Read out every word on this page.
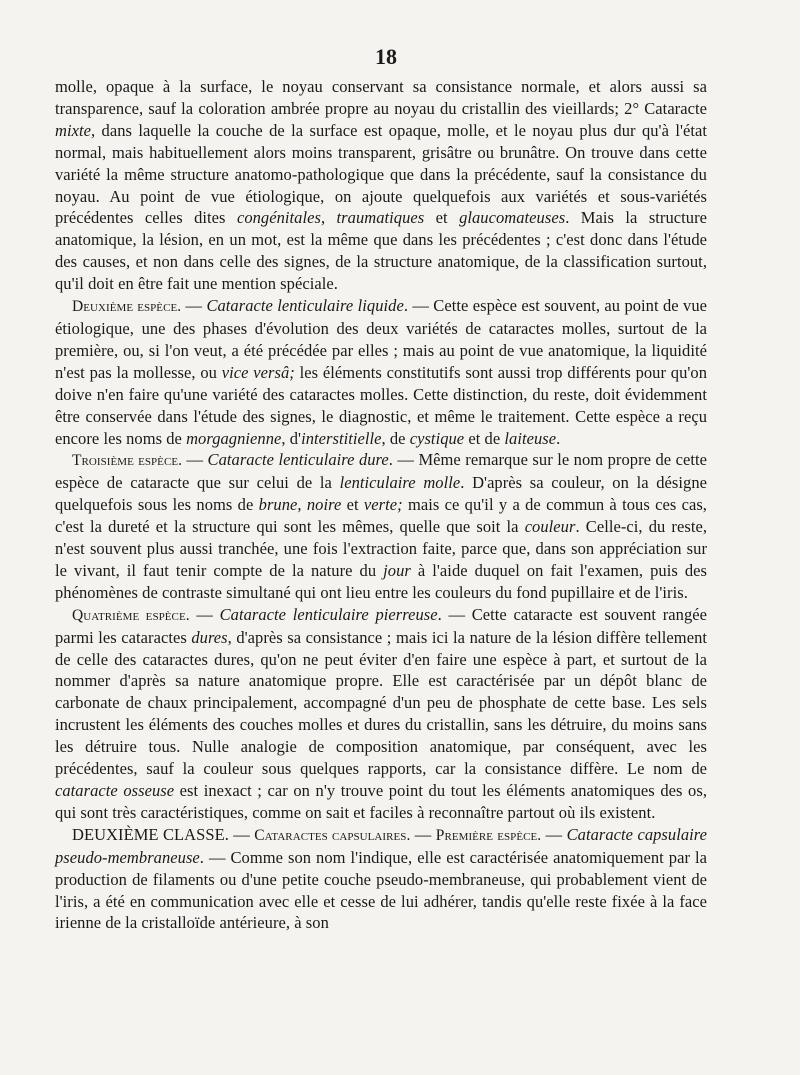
18

molle, opaque à la surface, le noyau conservant sa consistance normale, et alors aussi sa transparence, sauf la coloration ambrée propre au noyau du cristallin des vieillards; 2° Cataracte mixte, dans laquelle la couche de la surface est opaque, molle, et le noyau plus dur qu'à l'état normal, mais habituellement alors moins transparent, grisâtre ou brunâtre. On trouve dans cette variété la même structure anatomo-pathologique que dans la précédente, sauf la consistance du noyau. Au point de vue étiologique, on ajoute quelquefois aux variétés et sous-variétés précédentes celles dites congénitales, traumatiques et glaucomateuses. Mais la structure anatomique, la lésion, en un mot, est la même que dans les précédentes ; c'est donc dans l'étude des causes, et non dans celle des signes, de la structure anatomique, de la classification surtout, qu'il doit en être fait une mention spéciale.

Deuxième espèce. — Cataracte lenticulaire liquide. — Cette espèce est souvent, au point de vue étiologique, une des phases d'évolution des deux variétés de cataractes molles, surtout de la première, ou, si l'on veut, a été précédée par elles ; mais au point de vue anatomique, la liquidité n'est pas la mollesse, ou vice versâ; les éléments constitutifs sont aussi trop différents pour qu'on doive n'en faire qu'une variété des cataractes molles. Cette distinction, du reste, doit évidemment être conservée dans l'étude des signes, le diagnostic, et même le traitement. Cette espèce a reçu encore les noms de morgagnienne, d'interstitielle, de cystique et de laiteuse.

Troisième espèce. — Cataracte lenticulaire dure. — Même remarque sur le nom propre de cette espèce de cataracte que sur celui de la lenticulaire molle. D'après sa couleur, on la désigne quelquefois sous les noms de brune, noire et verte; mais ce qu'il y a de commun à tous ces cas, c'est la dureté et la structure qui sont les mêmes, quelle que soit la couleur. Celle-ci, du reste, n'est souvent plus aussi tranchée, une fois l'extraction faite, parce que, dans son appréciation sur le vivant, il faut tenir compte de la nature du jour à l'aide duquel on fait l'examen, puis des phénomènes de contraste simultané qui ont lieu entre les couleurs du fond pupillaire et de l'iris.

Quatrième espèce. — Cataracte lenticulaire pierreuse. — Cette cataracte est souvent rangée parmi les cataractes dures, d'après sa consistance ; mais ici la nature de la lésion diffère tellement de celle des cataractes dures, qu'on ne peut éviter d'en faire une espèce à part, et surtout de la nommer d'après sa nature anatomique propre. Elle est caractérisée par un dépôt blanc de carbonate de chaux principalement, accompagné d'un peu de phosphate de cette base. Les sels incrustent les éléments des couches molles et dures du cristallin, sans les détruire, du moins sans les détruire tous. Nulle analogie de composition anatomique, par conséquent, avec les précédentes, sauf la couleur sous quelques rapports, car la consistance diffère. Le nom de cataracte osseuse est inexact ; car on n'y trouve point du tout les éléments anatomiques des os, qui sont très caractéristiques, comme on sait et faciles à reconnaître partout où ils existent.

DEUXIÈME CLASSE. — Cataractes capsulaires. — Première espèce. — Cataracte capsulaire pseudo-membraneuse. — Comme son nom l'indique, elle est caractérisée anatomiquement par la production de filaments ou d'une petite couche pseudo-membraneuse, qui probablement vient de l'iris, a été en communication avec elle et cesse de lui adhérer, tandis qu'elle reste fixée à la face irienne de la cristalloïde antérieure, à son
